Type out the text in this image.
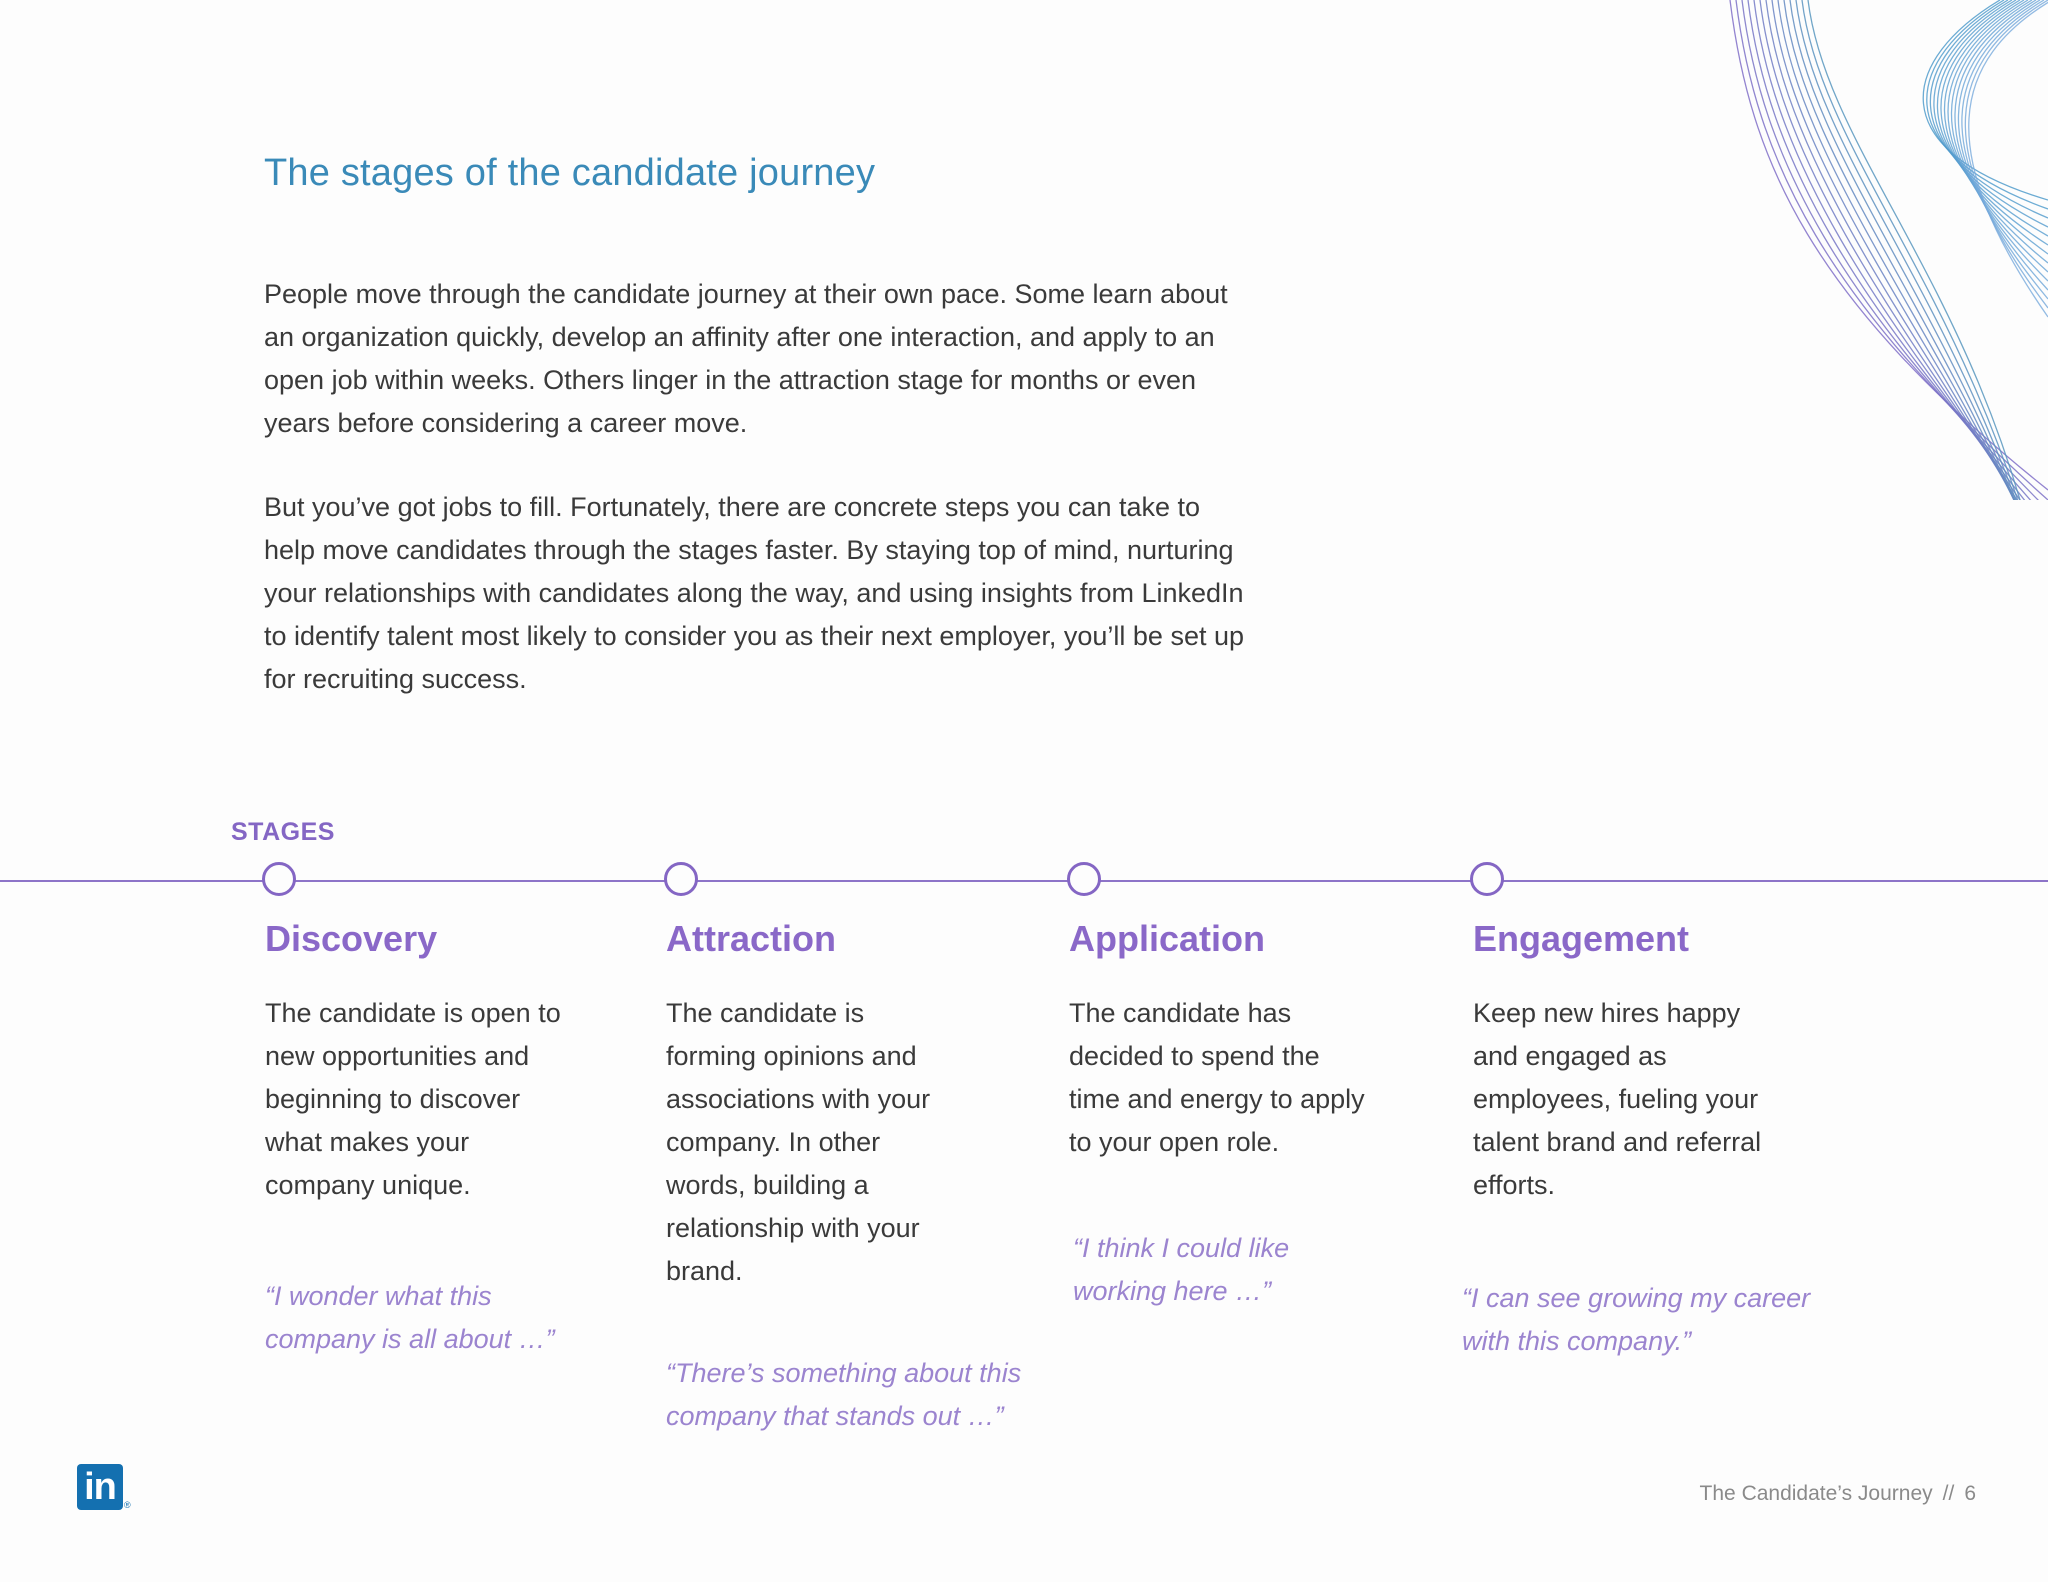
The stages of the candidate journey
People move through the candidate journey at their own pace. Some learn about an organization quickly, develop an affinity after one interaction, and apply to an open job within weeks. Others linger in the attraction stage for months or even years before considering a career move.
But you’ve got jobs to fill. Fortunately, there are concrete steps you can take to help move candidates through the stages faster. By staying top of mind, nurturing your relationships with candidates along the way, and using insights from LinkedIn to identify talent most likely to consider you as their next employer, you’ll be set up for recruiting success.
STAGES
Discovery
The candidate is open to new opportunities and beginning to discover what makes your company unique.
“I wonder what this company is all about …”
Attraction
The candidate is forming opinions and associations with your company. In other words, building a relationship with your brand.
“There’s something about this company that stands out …”
Application
The candidate has decided to spend the time and energy to apply to your open role.
“I think I could like working here …”
Engagement
Keep new hires happy and engaged as employees, fueling your talent brand and referral efforts.
“I can see growing my career with this company.”
in ®	The Candidate’s Journey // 6
